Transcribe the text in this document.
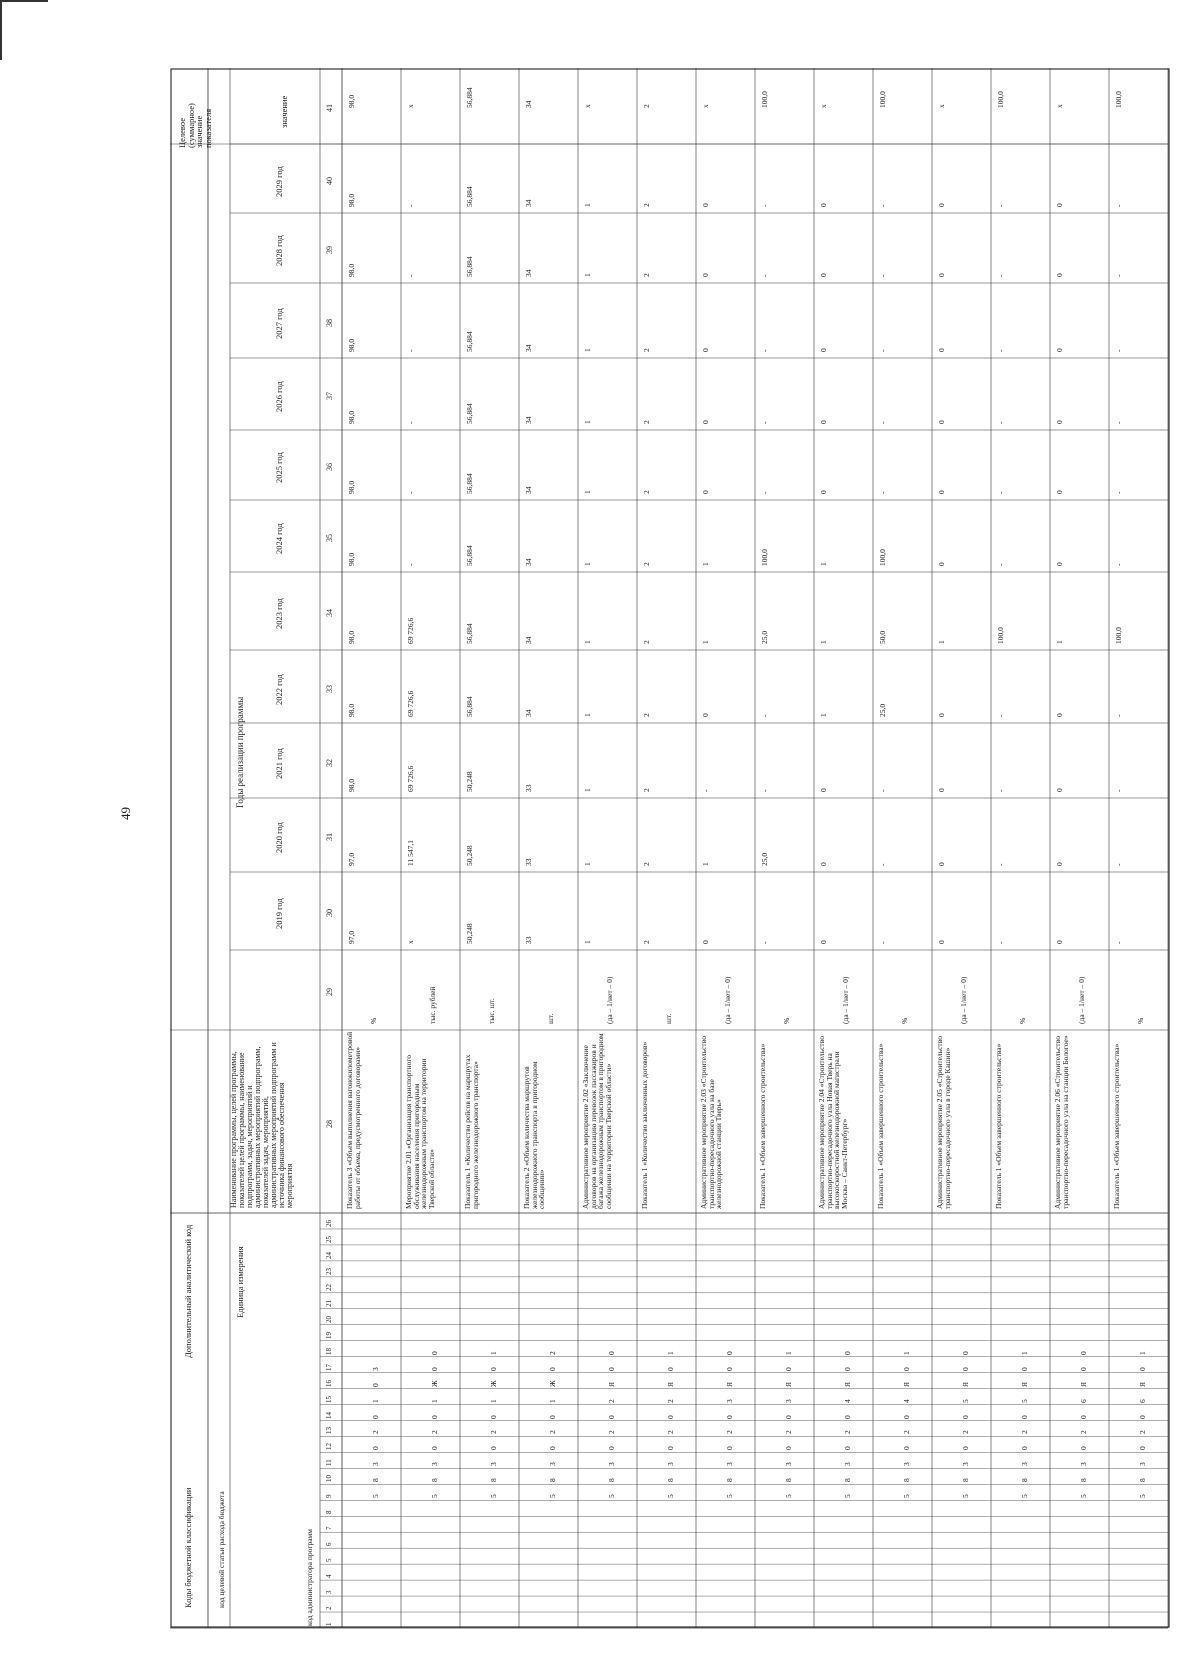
49
Целевое (суммарное) значение показателя
Годы реализации программы
значение
Единица измерения
Наименование программы, целей программы, показателей целей программы, наименование подпрограмм, задач, мероприятий и административных мероприятий подпрограмм, показателей задач, мероприятий, административных мероприятий подпрограмм и источника финансового обеспечения мероприятия
Коды бюджетной классификации
Дополнительный аналитический код
код целевой статьи расхода бюджета	код администратора программ
2019 год
2020 год
2021 год
2022 год
2023 год
2024 год
2025 год
2026 год
2027 год
2028 год
2029 год
30
31
32
33
34
35
36
37
38
39
40
41
29
28
1
2
3
4
5
6
7
8
9
10
11
12
13
14
15
16
17
18
19
20
21
22
23
24
25
26
Показатель 3 «Объем выполнения вагонокилометровой работы от объема, предусмотренного договорами»
%
98,0
97,0
97,0
98,0
98,0
98,0
98,0
98,0
98,0
98,0
98,0
98,0
5
8
3
0
2
0
1
0
3
Мероприятие 2.01 «Организация транспортного обслуживания населения пригородным железнодорожным транспортом на территории Тверской области»
тыс. рублей
х
х
11 547,1
69 726,6
69 726,6
69 726,6
-
-
-
-
-
-
5
8
3
0
2
0
1
Ж
0
0
Показатель 1 «Количество рейсов на маршрутах пригородного железнодорожного транспорта»
тыс. шт.
56,884
50,248
50,248
50,248
56,884
56,884
56,884
56,884
56,884
56,884
56,884
56,884
5
8
3
0
2
0
1
Ж
0
1
Показатель 2 «Объем количества маршрутов железнодорожного транспорта в пригородном сообщении»
шт.
34
33
33
33
34
34
34
34
34
34
34
34
5
8
3
0
2
0
1
Ж
0
2
Административное мероприятие 2.02 «Заключение договоров на организацию перевозок пассажиров и багажа железнодорожным транспортом в пригородном сообщении на территории Тверской области»
(да – 1/нет – 0)
х
1
1
1
1
1
1
1
1
1
1
1
5
8
3
0
2
0
2
Я
0
0
Показатель 1 «Количество заключенных договоров»
шт.
2
2
2
2
2
2
2
2
2
2
2
2
5
8
3
0
2
0
2
Я
0
1
Административное мероприятие 2.03 «Строительство транспортно-пересадочного узла на базе железнодорожной станции Тверь»
(да – 1/нет – 0)
х
0
1
-
0
1
1
0
0
0
0
0
5
8
3
0
2
0
3
Я
0
0
Показатель 1 «Объем завершенного строительства»
%
100,0
-
25,0
-
-
25,0
100,0
-
-
-
-
-
5
8
3
0
2
0
3
Я
0
1
Административное мероприятие 2.04 «Строительство транспортно-пересадочного узла Новая Тверь на высокоскоростной железнодорожной магистрали Москва – Санкт-Петербург»
(да – 1/нет – 0)
х
0
0
0
1
1
1
0
0
0
0
0
5
8
3
0
2
0
4
Я
0
0
Показатель 1 «Объем завершенного строительства»
%
100,0
-
-
-
25,0
50,0
100,0
-
-
-
-
-
5
8
3
0
2
0
4
Я
0
1
Административное мероприятие 2.05 «Строительство транспортно-пересадочного узла в городе Кашин»
(да – 1/нет – 0)
х
0
0
0
0
1
0
0
0
0
0
0
5
8
3
0
2
0
5
Я
0
0
Показатель 1 «Объем завершенного строительства»
%
100,0
-
-
-
-
100,0
-
-
-
-
-
-
5
8
3
0
2
0
5
Я
0
1
Административное мероприятие 2.06 «Строительство транспортно-пересадочного узла на станции Бологое»
(да – 1/нет – 0)
х
0
0
0
0
1
0
0
0
0
0
0
5
8
3
0
2
0
6
Я
0
0
Показатель 1 «Объем завершенного строительства»
%
100,0
-
-
-
-
100,0
-
-
-
-
-
-
5
8
3
0
2
0
6
Я
0
1
